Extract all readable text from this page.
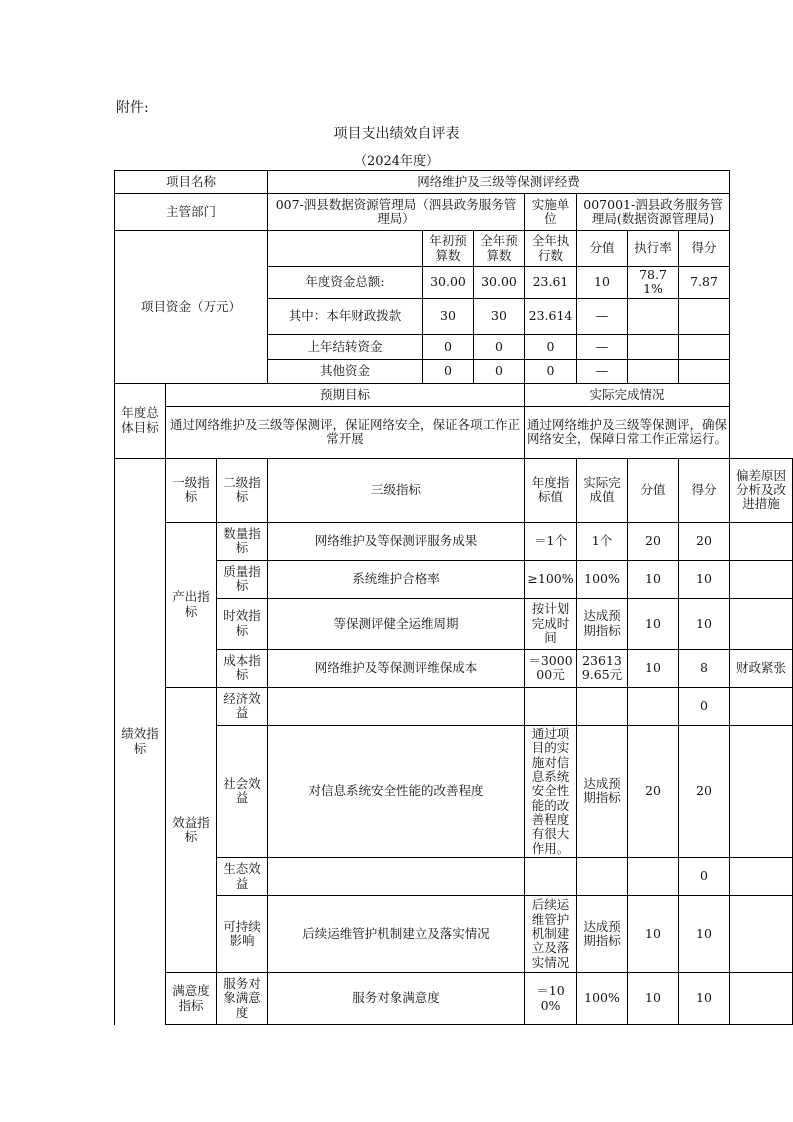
附件:
项目支出绩效自评表
（2024年度）
项目名称			网络维护及三级等保测评经费							
主管部门			007-泗县数据资源管理局（泗县政务服务管理局）			实施单位	007001-泗县政务服务管理局(数据资源管理局)			
项目资金（万元）				年初预算数	全年预算数	全年执行数	分值	执行率	得分	
			年度资金总额:	30.00	30.00	23.61	10	78.71%	7.87	
			其中：本年财政拨款	30	30	23.614	—			
			上年结转资金	0	0	0	—			
			其他资金	0	0	0	—			
年度总体目标	预期目标					实际完成情况				
	通过网络维护及三级等保测评，保证网络安全，保证各项工作正常开展					通过网络维护及三级等保测评，确保网络安全，保障日常工作正常运行。				
绩效指标	一级指标	二级指标	三级指标			年度指标值	实际完成值	分值	得分	偏差原因分析及改进措施
	产出指标	数量指标	网络维护及等保测评服务成果			＝1个	1个	20	20	
		质量指标	系统维护合格率			≥100%	100%	10	10	
		时效指标	等保测评健全运维周期			按计划完成时间	达成预期指标	10	10	
		成本指标	网络维护及等保测评维保成本			＝300000元	236139.65元	10	8	财政紧张
	效益指标	经济效益							0	
		社会效益	对信息系统安全性能的改善程度			通过项目的实施对信息系统安全性能的改善程度有很大作用。	达成预期指标	20	20	
		生态效益							0	
		可持续影响	后续运维管护机制建立及落实情况			后续运维管护机制建立及落实情况	达成预期指标	10	10	
	满意度指标	服务对象满意度	服务对象满意度			＝100%	100%	10	10	
